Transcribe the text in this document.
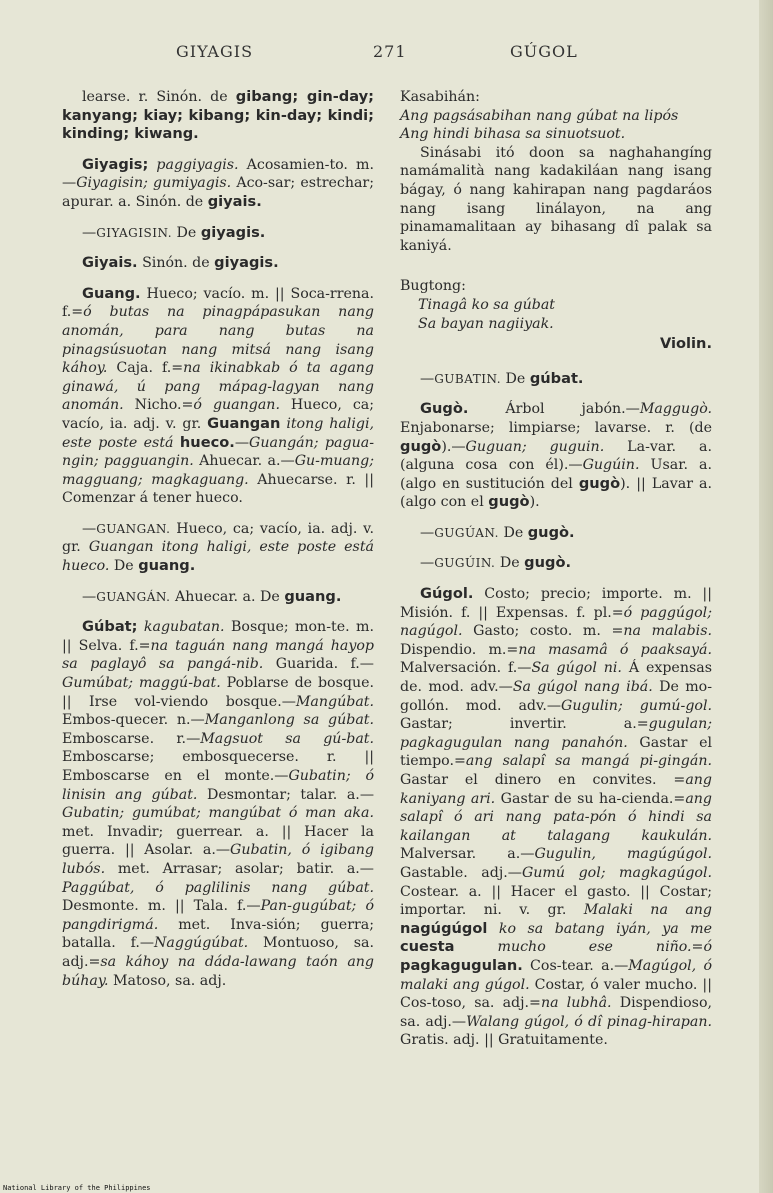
GIYAGIS	271	GÚGOL
learse. r. Sinón. de gibang; gin-day; kanyang; kiay; kibang; kin-day; kindi; kinding; kiwang.
Giyagis; paggiyagis. Acosamien-to. m.—Giyagisin; gumiyagis. Aco-sar; estrechar; apurar. a. Sinón. de giyais.
—GIYAGISIN. De giyagis.
Giyais. Sinón. de giyagis.
Guang. Hueco; vacío. m. || Soca-rrena. f.=ó butas na pinagpápasukan nang anomán, para nang butas na pinagsúsuotan nang mitsá nang isang káhoy. Caja. f.=na ikinabkab ó ta agang ginawá, ú pang mápag-lagyan nang anomán. Nicho.=ó guangan. Hueco, ca; vacío, ia. adj. v. gr. Guangan itong haligi, este poste está hueco.—Guangán; pagua-ngin; pagguangin. Ahuecar. a.—Gu-muang; magguang; magkaguang. Ahuecarse. r. || Comenzar á tener hueco.
—GUANGAN. Hueco, ca; vacío, ia. adj. v. gr. Guangan itong haligi, este poste está hueco. De guang.
—GUANGÁN. Ahuecar. a. De guang.
Gúbat; kagubatan. Bosque; mon-te. m. || Selva. f.=na taguán nang mangá hayop sa paglayô sa pangá-nib. Guarida. f.—Gumúbat; maggú-bat. Poblarse de bosque. || Irse vol-viendo bosque.—Mangúbat. Embos-quecer. n.—Manganlong sa gúbat. Emboscarse. r.—Magsuot sa gú-bat. Emboscarse; embosquecerse. r. || Emboscarse en el monte.—Gubatin; ó linisin ang gúbat. Desmontar; talar. a.—Gubatin; gumúbat; mangúbat ó man aka. met. Invadir; guerrear. a. || Hacer la guerra. || Asolar. a.—Gubatin, ó igibang lubós. met. Arrasar; asolar; batir. a.—Paggúbat, ó paglilinis nang gúbat. Desmonte. m. || Tala. f.—Pan-gugúbat; ó pangdirigmá. met. Inva-sión; guerra; batalla. f.—Naggúgúbat. Montuoso, sa. adj.=sa káhoy na dáda-lawang taón ang búhay. Matoso, sa. adj.
Kasabihán:
Ang pagsásabihan nang gúbat na lipós
Ang hindi bihasa sa sinuotsuot.
Sinásabi itó doon sa naghahangíng namámalità nang kadakiláan nang isang bágay, ó nang kahirapan nang pagdaráos nang isang linálayon, na ang pinamamalitaan ay bihasang dî palak sa kaniyá.
Bugtong:
Tinagâ ko sa gúbat
Sa bayan nagiiyak.
Violin.
—GUBATIN. De gúbat.
Gugò. Árbol jabón.—Maggugò. Enjabonarse; limpiarse; lavarse. r. (de gugò).—Guguan; guguin. La-var. a. (alguna cosa con él).—Gugúin. Usar. a. (algo en sustitución del gugò). || Lavar a. (algo con el gugò).
—GUGÚAN. De gugò.
—GUGÚIN. De gugò.
Gúgol. Costo; precio; importe. m. || Misión. f. || Expensas. f. pl.=ó paggúgol; nagúgol. Gasto; costo. m. =na malabis. Dispendio. m.=na masamâ ó paaksayá. Malversación. f.—Sa gúgol ni. Á expensas de. mod. adv.—Sa gúgol nang ibá. De mo-gollón. mod. adv.—Gugulin; gumú-gol. Gastar; invertir. a.=gugulan; pagkagugulan nang panahón. Gastar el tiempo.=ang salapî sa mangá pi-gingán. Gastar el dinero en convites. =ang kaniyang ari. Gastar de su ha-cienda.=ang salapî ó ari nang pata-pón ó hindi sa kailangan at talagang kaukulán. Malversar. a.—Gugulin, magúgúgol. Gastable. adj.—Gumú gol; magkagúgol. Costear. a. || Hacer el gasto. || Costar; importar. ni. v. gr. Malaki na ang nagúgúgol ko sa batang iyán, ya me cuesta	mucho ese niño.=ó pagkagugulan. Cos-tear. a.—Magúgol, ó malaki ang gúgol. Costar, ó valer mucho. || Cos-toso, sa. adj.=na lubhâ. Dispendioso, sa. adj.—Walang gúgol, ó dî pinag-hirapan. Gratis. adj. || Gratuitamente.
National Library of the Philippines
